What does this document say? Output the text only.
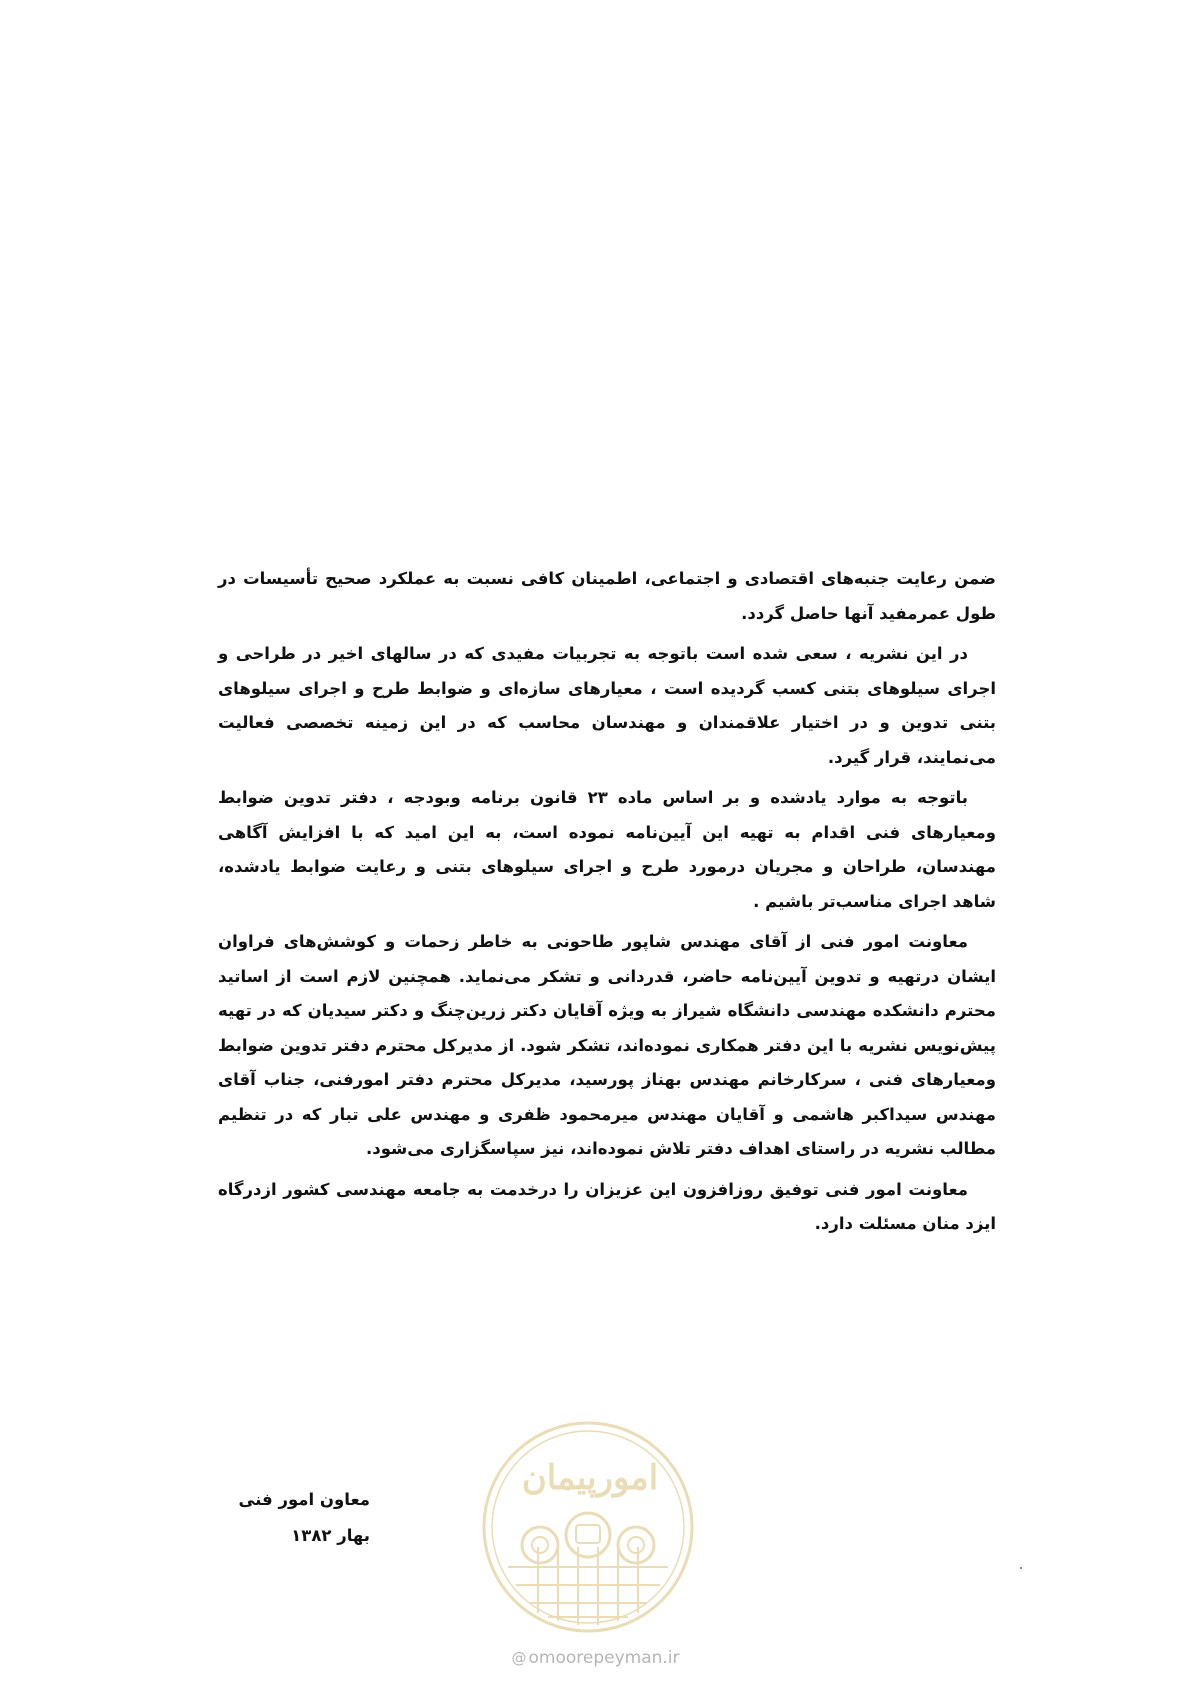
ضمن رعایت جنبه‌های اقتصادی و اجتماعی، اطمینان کافی نسبت به عملکرد صحیح تأسیسات در طول عمرمفید آنها حاصل گردد.

در این نشریه ، سعی شده است باتوجه به تجربیات مفیدی که در سالهای اخیر در طراحی و اجرای سیلوهای بتنی کسب گردیده است ، معیارهای سازه‌ای و ضوابط طرح و اجرای سیلوهای بتنی تدوین و در اختیار علاقمندان و مهندسان محاسب که در این زمینه تخصصی فعالیت می‌نمایند، قرار گیرد.

باتوجه به موارد یادشده و بر اساس ماده ۲۳ قانون برنامه وبودجه ، دفتر تدوین ضوابط ومعیارهای فنی اقدام به تهیه این آیین‌نامه نموده است، به این امید که با افزایش آگاهی مهندسان، طراحان و مجریان درمورد طرح و اجرای سیلوهای بتنی و رعایت ضوابط یادشده، شاهد اجرای مناسب‌تر باشیم .

معاونت امور فنی از آقای مهندس شاپور طاحونی به خاطر زحمات و کوشش‌های فراوان ایشان درتهیه و تدوین آیین‌نامه حاضر، قدردانی و تشکر می‌نماید. همچنین لازم است از اساتید محترم دانشکده مهندسی دانشگاه شیراز به ویژه آقایان دکتر زرین‌چنگ و دکتر سیدیان که در تهیه پیش‌نویس نشریه با این دفتر همکاری نموده‌اند، تشکر شود. از مدیرکل محترم دفتر تدوین ضوابط ومعیارهای فنی ، سرکارخانم مهندس بهناز پورسید، مدیرکل محترم دفتر امورفنی، جناب آقای مهندس سیداکبر هاشمی و آقایان مهندس میرمحمود ظفری و مهندس علی تبار که در تنظیم مطالب نشریه در راستای اهداف دفتر تلاش نموده‌اند، نیز سپاسگزاری می‌شود.

معاونت امور فنی توفیق روزافزون این عزیزان را درخدمت به جامعه مهندسی کشور ازدرگاه ایزد منان مسئلت دارد.

معاون امور فنی
بهار ۱۳۸۲
امورپیمان
@ omoorepeyman.ir
